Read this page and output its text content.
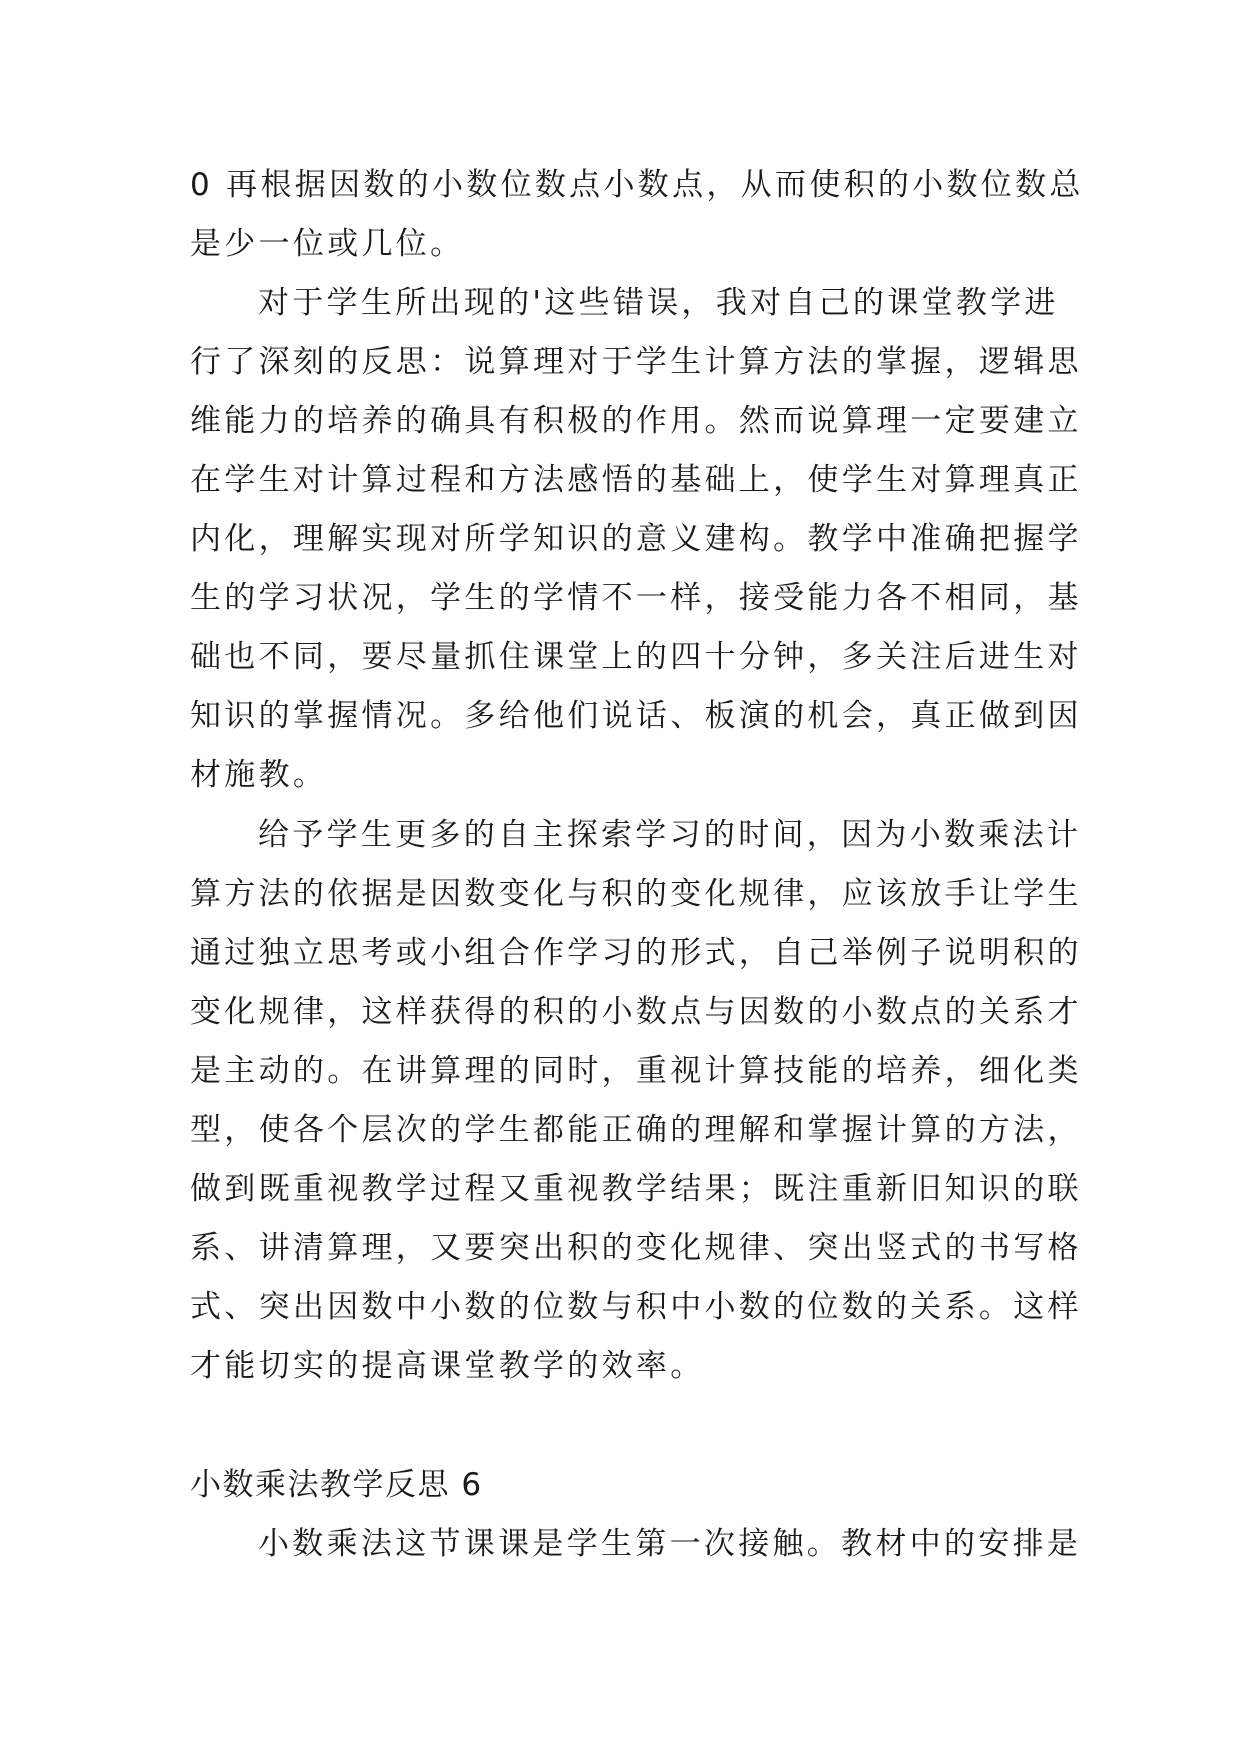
0 再根据因数的小数位数点小数点，从而使积的小数位数总
是少一位或几位。
对于学生所出现的'这些错误，我对自己的课堂教学进
行了深刻的反思：说算理对于学生计算方法的掌握，逻辑思
维能力的培养的确具有积极的作用。然而说算理一定要建立
在学生对计算过程和方法感悟的基础上，使学生对算理真正
内化，理解实现对所学知识的意义建构。教学中准确把握学
生的学习状况，学生的学情不一样，接受能力各不相同，基
础也不同，要尽量抓住课堂上的四十分钟，多关注后进生对
知识的掌握情况。多给他们说话、板演的机会，真正做到因
材施教。
给予学生更多的自主探索学习的时间，因为小数乘法计
算方法的依据是因数变化与积的变化规律，应该放手让学生
通过独立思考或小组合作学习的形式，自己举例子说明积的
变化规律，这样获得的积的小数点与因数的小数点的关系才
是主动的。在讲算理的同时，重视计算技能的培养，细化类
型，使各个层次的学生都能正确的理解和掌握计算的方法，
做到既重视教学过程又重视教学结果；既注重新旧知识的联
系、讲清算理，又要突出积的变化规律、突出竖式的书写格
式、突出因数中小数的位数与积中小数的位数的关系。这样
才能切实的提高课堂教学的效率。
小数乘法教学反思 6
小数乘法这节课课是学生第一次接触。教材中的安排是
